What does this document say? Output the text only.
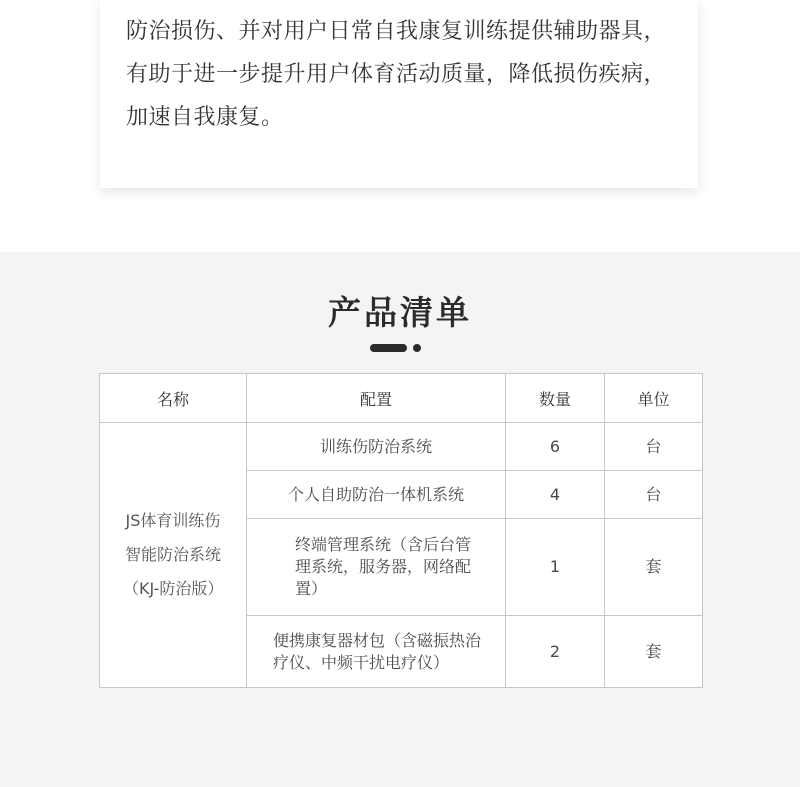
防治损伤、并对用户日常自我康复训练提供辅助器具，有助于进一步提升用户体育活动质量，降低损伤疾病，加速自我康复。

产品清单
名称	配置	数量	单位

JS体育训练伤智能防治系统（KJ-防治版）	训练伤防治系统	6	台
	个人自助防治一体机系统	4	台
	终端管理系统（含后台管理系统，服务器，网络配置）	1	套
	便携康复器材包（含磁振热治疗仪、中频干扰电疗仪）	2	套
